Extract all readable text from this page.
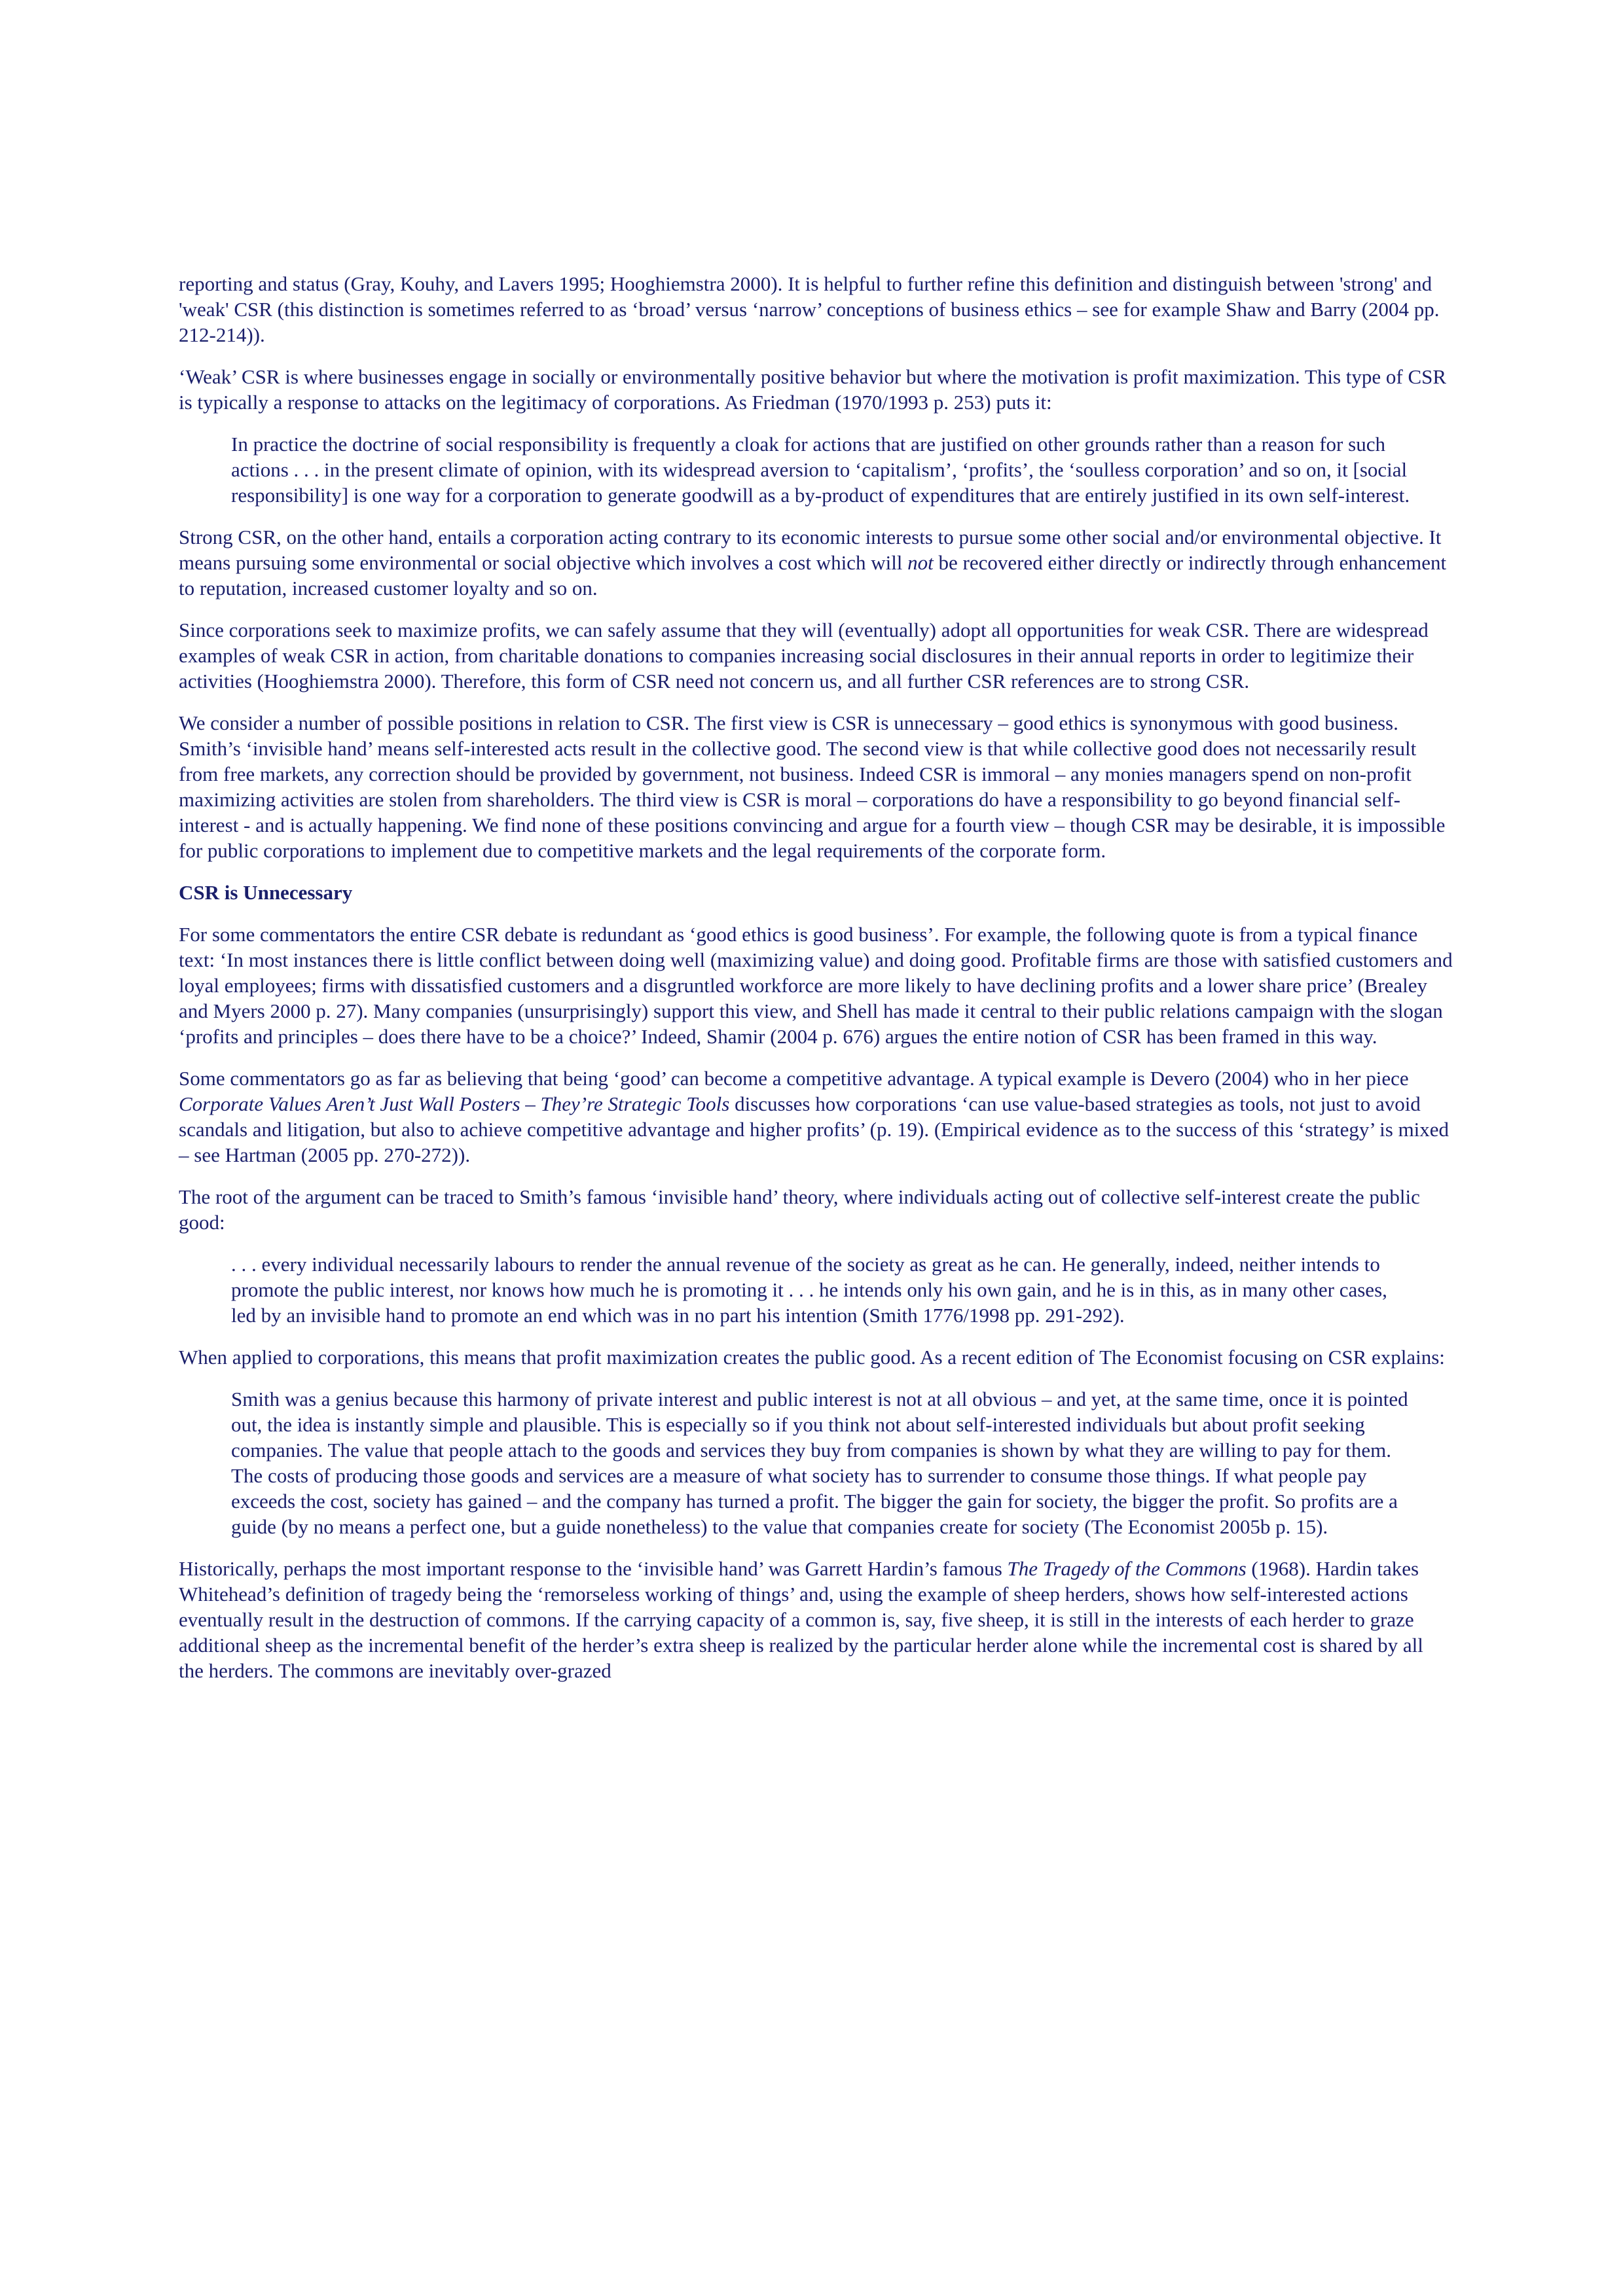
reporting and status (Gray, Kouhy, and Lavers 1995; Hooghiemstra 2000). It is helpful to further refine this definition and distinguish between 'strong' and 'weak' CSR (this distinction is sometimes referred to as ‘broad’ versus ‘narrow’ conceptions of business ethics – see for example Shaw and Barry (2004 pp. 212-214)).

‘Weak’ CSR is where businesses engage in socially or environmentally positive behavior but where the motivation is profit maximization. This type of CSR is typically a response to attacks on the legitimacy of corporations. As Friedman (1970/1993 p. 253) puts it:

In practice the doctrine of social responsibility is frequently a cloak for actions that are justified on other grounds rather than a reason for such actions . . . in the present climate of opinion, with its widespread aversion to ‘capitalism’, ‘profits’, the ‘soulless corporation’ and so on, it [social responsibility] is one way for a corporation to generate goodwill as a by-product of expenditures that are entirely justified in its own self-interest.

Strong CSR, on the other hand, entails a corporation acting contrary to its economic interests to pursue some other social and/or environmental objective. It means pursuing some environmental or social objective which involves a cost which will not be recovered either directly or indirectly through enhancement to reputation, increased customer loyalty and so on.

Since corporations seek to maximize profits, we can safely assume that they will (eventually) adopt all opportunities for weak CSR. There are widespread examples of weak CSR in action, from charitable donations to companies increasing social disclosures in their annual reports in order to legitimize their activities (Hooghiemstra 2000). Therefore, this form of CSR need not concern us, and all further CSR references are to strong CSR.

We consider a number of possible positions in relation to CSR. The first view is CSR is unnecessary – good ethics is synonymous with good business. Smith’s ‘invisible hand’ means self-interested acts result in the collective good. The second view is that while collective good does not necessarily result from free markets, any correction should be provided by government, not business. Indeed CSR is immoral – any monies managers spend on non-profit maximizing activities are stolen from shareholders. The third view is CSR is moral – corporations do have a responsibility to go beyond financial self-interest - and is actually happening. We find none of these positions convincing and argue for a fourth view – though CSR may be desirable, it is impossible for public corporations to implement due to competitive markets and the legal requirements of the corporate form.

CSR is Unnecessary

For some commentators the entire CSR debate is redundant as ‘good ethics is good business’. For example, the following quote is from a typical finance text: ‘In most instances there is little conflict between doing well (maximizing value) and doing good. Profitable firms are those with satisfied customers and loyal employees; firms with dissatisfied customers and a disgruntled workforce are more likely to have declining profits and a lower share price’ (Brealey and Myers 2000 p. 27). Many companies (unsurprisingly) support this view, and Shell has made it central to their public relations campaign with the slogan ‘profits and principles – does there have to be a choice?’ Indeed, Shamir (2004 p. 676) argues the entire notion of CSR has been framed in this way.

Some commentators go as far as believing that being ‘good’ can become a competitive advantage. A typical example is Devero (2004) who in her piece Corporate Values Aren’t Just Wall Posters – They’re Strategic Tools discusses how corporations ‘can use value-based strategies as tools, not just to avoid scandals and litigation, but also to achieve competitive advantage and higher profits’ (p. 19). (Empirical evidence as to the success of this ‘strategy’ is mixed – see Hartman (2005 pp. 270-272)).

The root of the argument can be traced to Smith’s famous ‘invisible hand’ theory, where individuals acting out of collective self-interest create the public good:

. . . every individual necessarily labours to render the annual revenue of the society as great as he can. He generally, indeed, neither intends to promote the public interest, nor knows how much he is promoting it . . . he intends only his own gain, and he is in this, as in many other cases, led by an invisible hand to promote an end which was in no part his intention (Smith 1776/1998 pp. 291-292).

When applied to corporations, this means that profit maximization creates the public good. As a recent edition of The Economist focusing on CSR explains:

Smith was a genius because this harmony of private interest and public interest is not at all obvious – and yet, at the same time, once it is pointed out, the idea is instantly simple and plausible. This is especially so if you think not about self-interested individuals but about profit seeking companies. The value that people attach to the goods and services they buy from companies is shown by what they are willing to pay for them. The costs of producing those goods and services are a measure of what society has to surrender to consume those things. If what people pay exceeds the cost, society has gained – and the company has turned a profit. The bigger the gain for society, the bigger the profit. So profits are a guide (by no means a perfect one, but a guide nonetheless) to the value that companies create for society (The Economist 2005b p. 15).

Historically, perhaps the most important response to the ‘invisible hand’ was Garrett Hardin’s famous The Tragedy of the Commons (1968). Hardin takes Whitehead’s definition of tragedy being the ‘remorseless working of things’ and, using the example of sheep herders, shows how self-interested actions eventually result in the destruction of commons. If the carrying capacity of a common is, say, five sheep, it is still in the interests of each herder to graze additional sheep as the incremental benefit of the herder’s extra sheep is realized by the particular herder alone while the incremental cost is shared by all the herders. The commons are inevitably over-grazed
